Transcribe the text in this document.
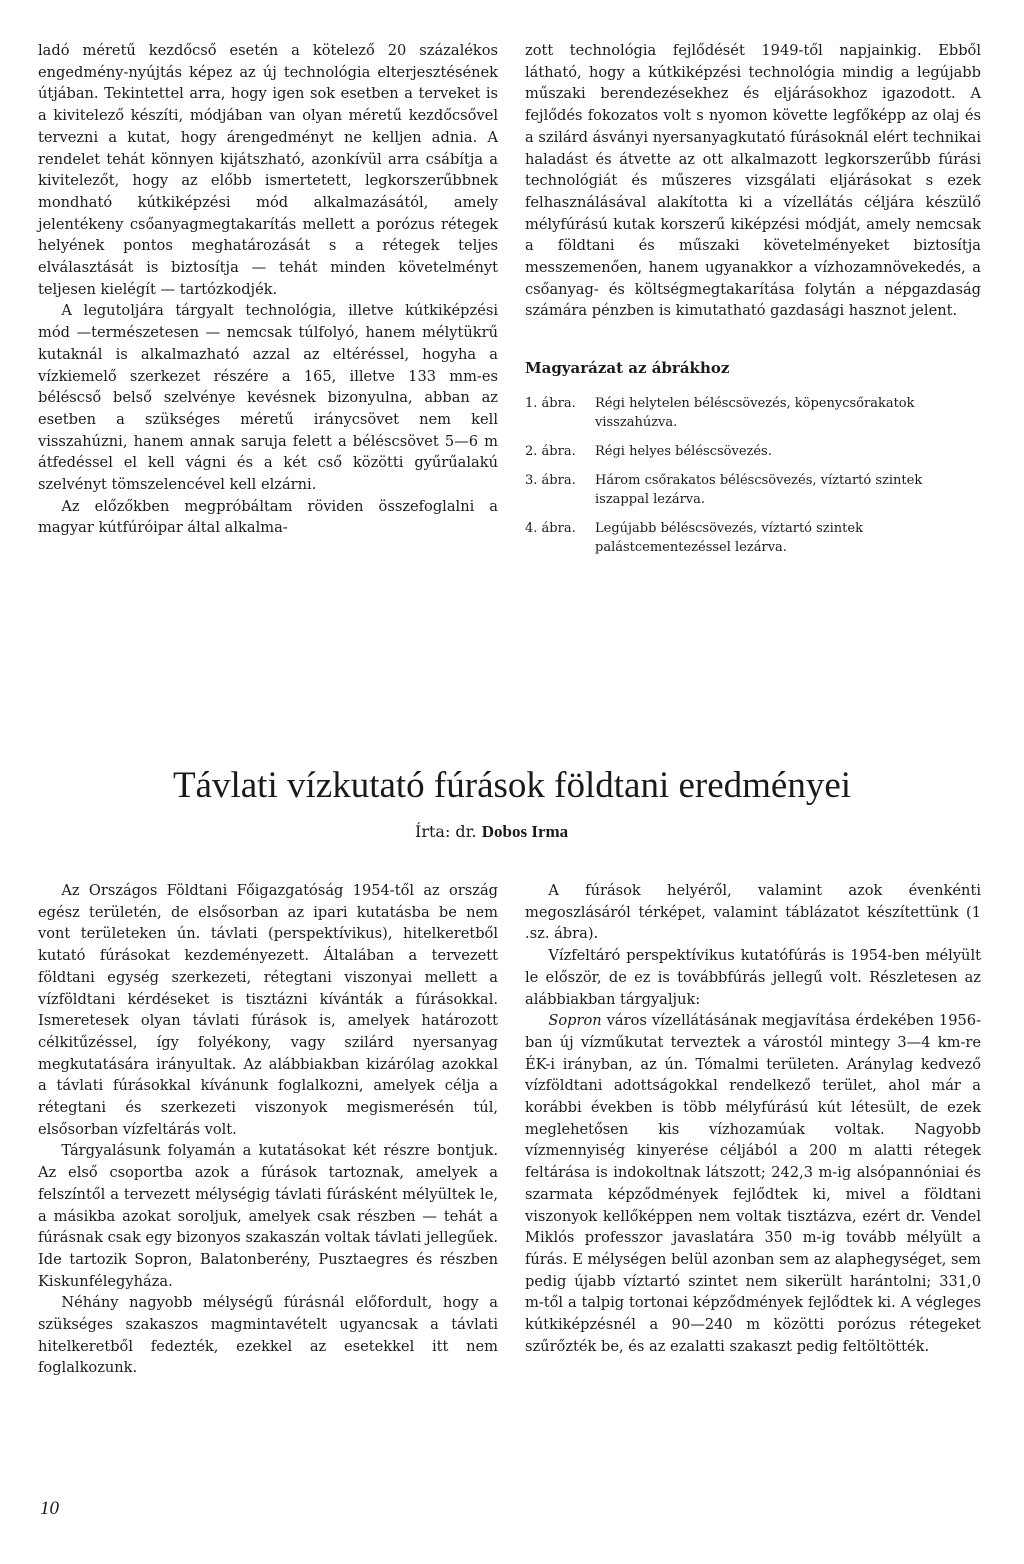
ladó méretű kezdőcső esetén a kötelező 20 százalékos engedmény-nyújtás képez az új technológia elterjesztésének útjában. Tekintettel arra, hogy igen sok esetben a terveket is a kivitelező készíti, módjában van olyan méretű kezdőcsővel tervezni a kutat, hogy árengedményt ne kelljen adnia. A rendelet tehát könnyen kijátszható, azonkívül arra csábítja a kivitelezőt, hogy az előbb ismertetett, legkorszerűbbnek mondható kútkiképzési mód alkalmazásától, amely jelentékeny csőanyagmegtakarítás mellett a porózus rétegek helyének pontos meghatározását s a rétegek teljes elválasztását is biztosítja — tehát minden követelményt teljesen kielégít — tartózkodjék.

A legutoljára tárgyalt technológia, illetve kútkiképzési mód —természetesen — nemcsak túlfolyó, hanem mélytükrű kutaknál is alkalmazható azzal az eltéréssel, hogyha a vízkiemelő szerkezet részére a 165, illetve 133 mm-es béléscső belső szelvénye kevésnek bizonyulna, abban az esetben a szükséges méretű iránycsövet nem kell visszahúzni, hanem annak saruja felett a béléscsövet 5—6 m átfedéssel el kell vágni és a két cső közötti gyűrűalakú szelvényt tömszelencével kell elzárni.

Az előzőkben megpróbáltam röviden összefoglalni a magyar kútfúróipar által alkalma-

zott technológia fejlődését 1949-től napjainkig. Ebből látható, hogy a kútkiképzési technológia mindig a legújabb műszaki berendezésekhez és eljárásokhoz igazodott. A fejlődés fokozatos volt s nyomon követte legfőképp az olaj és a szilárd ásványi nyersanyagkutató fúrásoknál elért technikai haladást és átvette az ott alkalmazott legkorszerűbb fúrási technológiát és műszeres vizsgálati eljárásokat s ezek felhasználásával alakította ki a vízellátás céljára készülő mélyfúrású kutak korszerű kiképzési módját, amely nemcsak a földtani és műszaki követelményeket biztosítja messzemenően, hanem ugyanakkor a vízhozamnövekedés, a csőanyag- és költségmegtakarítása folytán a népgazdaság számára pénzben is kimutatható gazdasági hasznot jelent.

Magyarázat az ábrákhoz
1. ábra.	Régi helytelen béléscsövezés, köpenycsőrakatok visszahúzva.
2. ábra.	Régi helyes béléscsövezés.
3. ábra.	Három csőrakatos béléscsövezés, víztartó szintek iszappal lezárva.
4. ábra.	Legújabb béléscsövezés, víztartó szintek palástcementezéssel lezárva.
Távlati vízkutató fúrások földtani eredményei
Írta: dr. Dobos Irma

Az Országos Földtani Főigazgatóság 1954-től az ország egész területén, de elsősorban az ipari kutatásba be nem vont területeken ún. távlati (perspektívikus), hitelkeretből kutató fúrásokat kezdeményezett. Általában a tervezett földtani egység szerkezeti, rétegtani viszonyai mellett a vízföldtani kérdéseket is tisztázni kívánták a fúrásokkal. Ismeretesek olyan távlati fúrások is, amelyek határozott célkitűzéssel, így folyékony, vagy szilárd nyersanyag megkutatására irányultak. Az alábbiakban kizárólag azokkal a távlati fúrásokkal kívánunk foglalkozni, amelyek célja a rétegtani és szerkezeti viszonyok megismerésén túl, elsősorban vízfeltárás volt.

Tárgyalásunk folyamán a kutatásokat két részre bontjuk. Az első csoportba azok a fúrások tartoznak, amelyek a felszíntől a tervezett mélységig távlati fúrásként mélyültek le, a másikba azokat soroljuk, amelyek csak részben — tehát a fúrásnak csak egy bizonyos szakaszán voltak távlati jellegűek. Ide tartozik Sopron, Balatonberény, Pusztaegres és részben Kiskunfélegyháza.

Néhány nagyobb mélységű fúrásnál előfordult, hogy a szükséges szakaszos magmintavételt ugyancsak a távlati hitelkeretből fedezték, ezekkel az esetekkel itt nem foglalkozunk.

A fúrások helyéről, valamint azok évenkénti megoszlásáról térképet, valamint táblázatot készítettünk (1 .sz. ábra).

Vízfeltáró perspektívikus kutatófúrás is 1954-ben mélyült le először, de ez is továbbfúrás jellegű volt. Részletesen az alábbiakban tárgyaljuk:

Sopron város vízellátásának megjavítása érdekében 1956-ban új vízműkutat terveztek a várostól mintegy 3—4 km-re ÉK-i irányban, az ún. Tómalmi területen. Aránylag kedvező vízföldtani adottságokkal rendelkező terület, ahol már a korábbi években is több mélyfúrású kút létesült, de ezek meglehetősen kis vízhozamúak voltak. Nagyobb vízmennyiség kinyerése céljából a 200 m alatti rétegek feltárása is indokoltnak látszott; 242,3 m-ig alsópannóniai és szarmata képződmények fejlődtek ki, mivel a földtani viszonyok kellőképpen nem voltak tisztázva, ezért dr. Vendel Miklós professzor javaslatára 350 m-ig tovább mélyült a fúrás. E mélységen belül azonban sem az alaphegységet, sem pedig újabb víztartó szintet nem sikerült harántolni; 331,0 m-től a talpig tortonai képződmények fejlődtek ki. A végleges kútkiképzésnél a 90—240 m közötti porózus rétegeket szűrőzték be, és az ezalatti szakaszt pedig feltöltötték.

10
